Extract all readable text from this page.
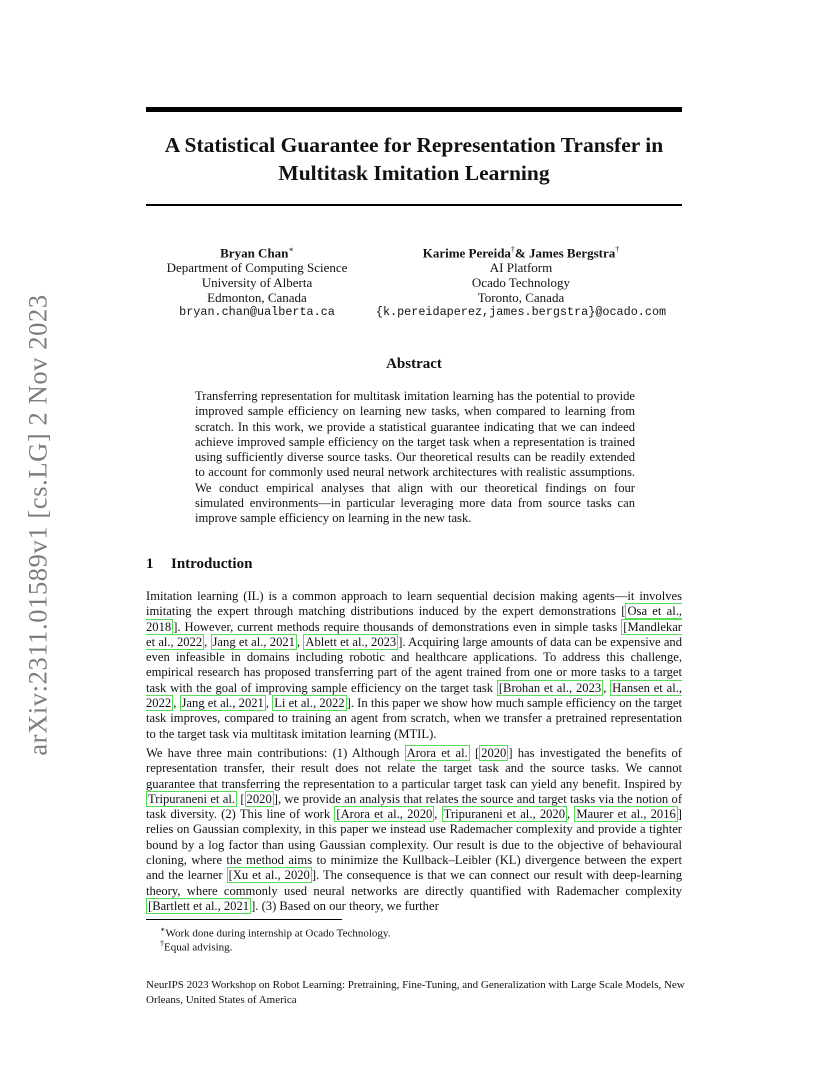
arXiv:2311.01589v1 [cs.LG] 2 Nov 2023
A Statistical Guarantee for Representation Transfer in Multitask Imitation Learning
Bryan Chan∗
Department of Computing Science
University of Alberta
Edmonton, Canada
bryan.chan@ualberta.ca
Karime Pereida†& James Bergstra†
AI Platform
Ocado Technology
Toronto, Canada
{k.pereidaperez,james.bergstra}@ocado.com
Abstract
Transferring representation for multitask imitation learning has the potential to provide improved sample efficiency on learning new tasks, when compared to learning from scratch. In this work, we provide a statistical guarantee indicating that we can indeed achieve improved sample efficiency on the target task when a representation is trained using sufficiently diverse source tasks. Our theoretical results can be readily extended to account for commonly used neural network architectures with realistic assumptions. We conduct empirical analyses that align with our theoretical findings on four simulated environments—in particular leveraging more data from source tasks can improve sample efficiency on learning in the new task.
1 Introduction
Imitation learning (IL) is a common approach to learn sequential decision making agents—it involves imitating the expert through matching distributions induced by the expert demonstrations [ Osa et al., 2018 ]. However, current methods require thousands of demonstrations even in simple tasks [Mandlekar et al., 2022 , Jang et al., 2021 , Ablett et al., 2023 ]. Acquiring large amounts of data can be expensive and even infeasible in domains including robotic and healthcare applications. To address this challenge, empirical research has proposed transferring part of the agent trained from one or more tasks to a target task with the goal of improving sample efficiency on the target task [Brohan et al., 2023 , Hansen et al., 2022 , Jang et al., 2021 , Li et al., 2022 ]. In this paper we show how much sample efficiency on the target task improves, compared to training an agent from scratch, when we transfer a pretrained representation to the target task via multitask imitation learning (MTIL).
We have three main contributions: (1) Although Arora et al. [ 2020 ] has investigated the benefits of representation transfer, their result does not relate the target task and the source tasks. We cannot guarantee that transferring the representation to a particular target task can yield any benefit. Inspired by Tripuraneni et al. [ 2020 ], we provide an analysis that relates the source and target tasks via the notion of task diversity. (2) This line of work [Arora et al., 2020 , Tripuraneni et al., 2020 , Maurer et al., 2016 ] relies on Gaussian complexity, in this paper we instead use Rademacher complexity and provide a tighter bound by a log factor than using Gaussian complexity. Our result is due to the objective of behavioural cloning, where the method aims to minimize the Kullback–Leibler (KL) divergence between the expert and the learner [Xu et al., 2020 ]. The consequence is that we can connect our result with deep-learning theory, where commonly used neural networks are directly quantified with Rademacher complexity [Bartlett et al., 2021 ]. (3) Based on our theory, we further
∗Work done during internship at Ocado Technology.
†Equal advising.
NeurIPS 2023 Workshop on Robot Learning: Pretraining, Fine-Tuning, and Generalization with Large Scale Models, New Orleans, United States of America
